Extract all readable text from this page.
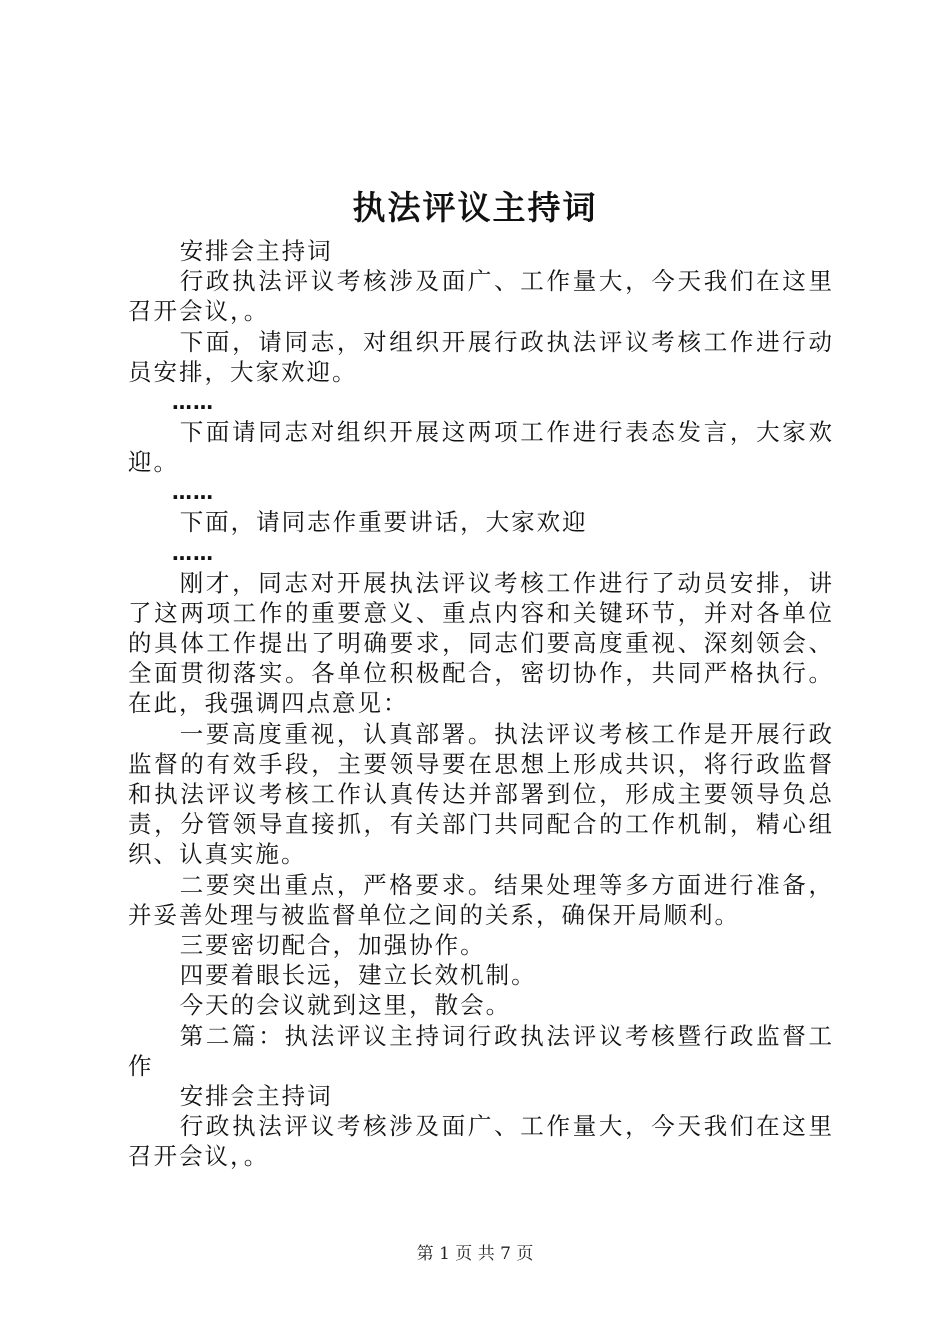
执法评议主持词

安排会主持词

行政执法评议考核涉及面广、工作量大，今天我们在这里召开会议，。

下面，请同志，对组织开展行政执法评议考核工作进行动员安排，大家欢迎。

……

下面请同志对组织开展这两项工作进行表态发言，大家欢迎。

……

下面，请同志作重要讲话，大家欢迎

……

刚才，同志对开展执法评议考核工作进行了动员安排，讲了这两项工作的重要意义、重点内容和关键环节，并对各单位的具体工作提出了明确要求，同志们要高度重视、深刻领会、全面贯彻落实。各单位积极配合，密切协作，共同严格执行。在此，我强调四点意见：

一要高度重视，认真部署。执法评议考核工作是开展行政监督的有效手段，主要领导要在思想上形成共识，将行政监督和执法评议考核工作认真传达并部署到位，形成主要领导负总责，分管领导直接抓，有关部门共同配合的工作机制，精心组织、认真实施。

二要突出重点，严格要求。结果处理等多方面进行准备，并妥善处理与被监督单位之间的关系，确保开局顺利。

三要密切配合，加强协作。

四要着眼长远，建立长效机制。

今天的会议就到这里，散会。

第二篇：执法评议主持词行政执法评议考核暨行政监督工作

安排会主持词

行政执法评议考核涉及面广、工作量大，今天我们在这里召开会议，。

第 1 页 共 7 页
